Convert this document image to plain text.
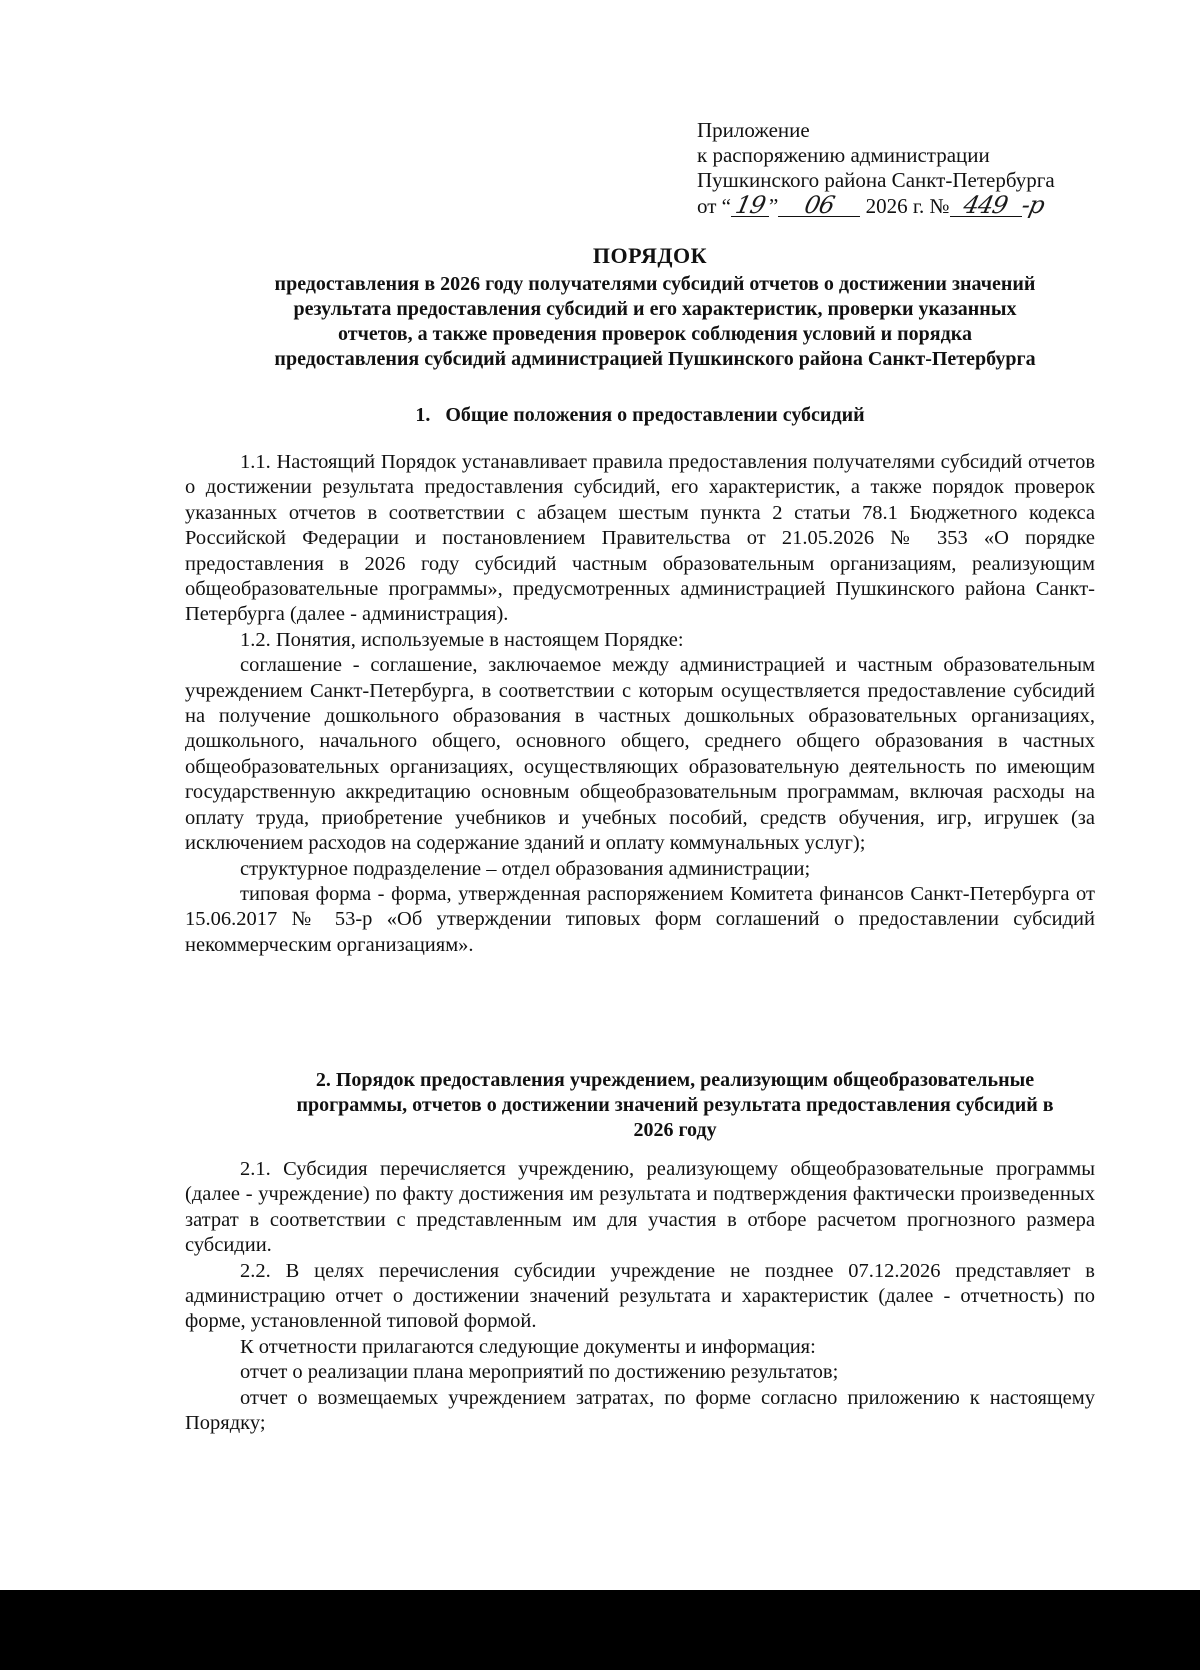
Приложение
к распоряжению администрации
Пушкинского района Санкт-Петербурга
от “19” 06 2026 г. № 449 -р
ПОРЯДОК
предоставления в 2026 году получателями субсидий отчетов о достижении значений
результата предоставления субсидий и его характеристик, проверки указанных
отчетов, а также проведения проверок соблюдения условий и порядка
предоставления субсидий администрацией Пушкинского района Санкт-Петербурга
1.   Общие положения о предоставлении субсидий

1.1. Настоящий Порядок устанавливает правила предоставления получателями субсидий отчетов о достижении результата предоставления субсидий, его характеристик, а также порядок проверок указанных отчетов в соответствии с абзацем шестым пункта 2 статьи 78.1 Бюджетного кодекса Российской Федерации и постановлением Правительства от 21.05.2026 № 353 «О порядке предоставления в 2026 году субсидий частным образовательным организациям, реализующим общеобразовательные программы», предусмотренных администрацией Пушкинского района Санкт-Петербурга (далее - администрация).

1.2. Понятия, используемые в настоящем Порядке:

соглашение - соглашение, заключаемое между администрацией и частным образовательным учреждением Санкт-Петербурга, в соответствии с которым осуществляется предоставление субсидий на получение дошкольного образования в частных дошкольных образовательных организациях, дошкольного, начального общего, основного общего, среднего общего образования в частных общеобразовательных организациях, осуществляющих образовательную деятельность по имеющим государственную аккредитацию основным общеобразовательным программам, включая расходы на оплату труда, приобретение учебников и учебных пособий, средств обучения, игр, игрушек (за исключением расходов на содержание зданий и оплату коммунальных услуг);

структурное подразделение – отдел образования администрации;

типовая форма - форма, утвержденная распоряжением Комитета финансов Санкт-Петербурга от 15.06.2017 № 53-р «Об утверждении типовых форм соглашений о предоставлении субсидий некоммерческим организациям».

2. Порядок предоставления учреждением, реализующим общеобразовательные
программы, отчетов о достижении значений результата предоставления субсидий в
2026 году

2.1. Субсидия перечисляется учреждению, реализующему общеобразовательные программы (далее - учреждение) по факту достижения им результата и подтверждения фактически произведенных затрат в соответствии с представленным им для участия в отборе расчетом прогнозного размера субсидии.

2.2. В целях перечисления субсидии учреждение не позднее 07.12.2026 представляет в администрацию отчет о достижении значений результата и характеристик (далее - отчетность) по форме, установленной типовой формой.

К отчетности прилагаются следующие документы и информация:

отчет о реализации плана мероприятий по достижению результатов;

отчет о возмещаемых учреждением затратах, по форме согласно приложению к настоящему Порядку;
